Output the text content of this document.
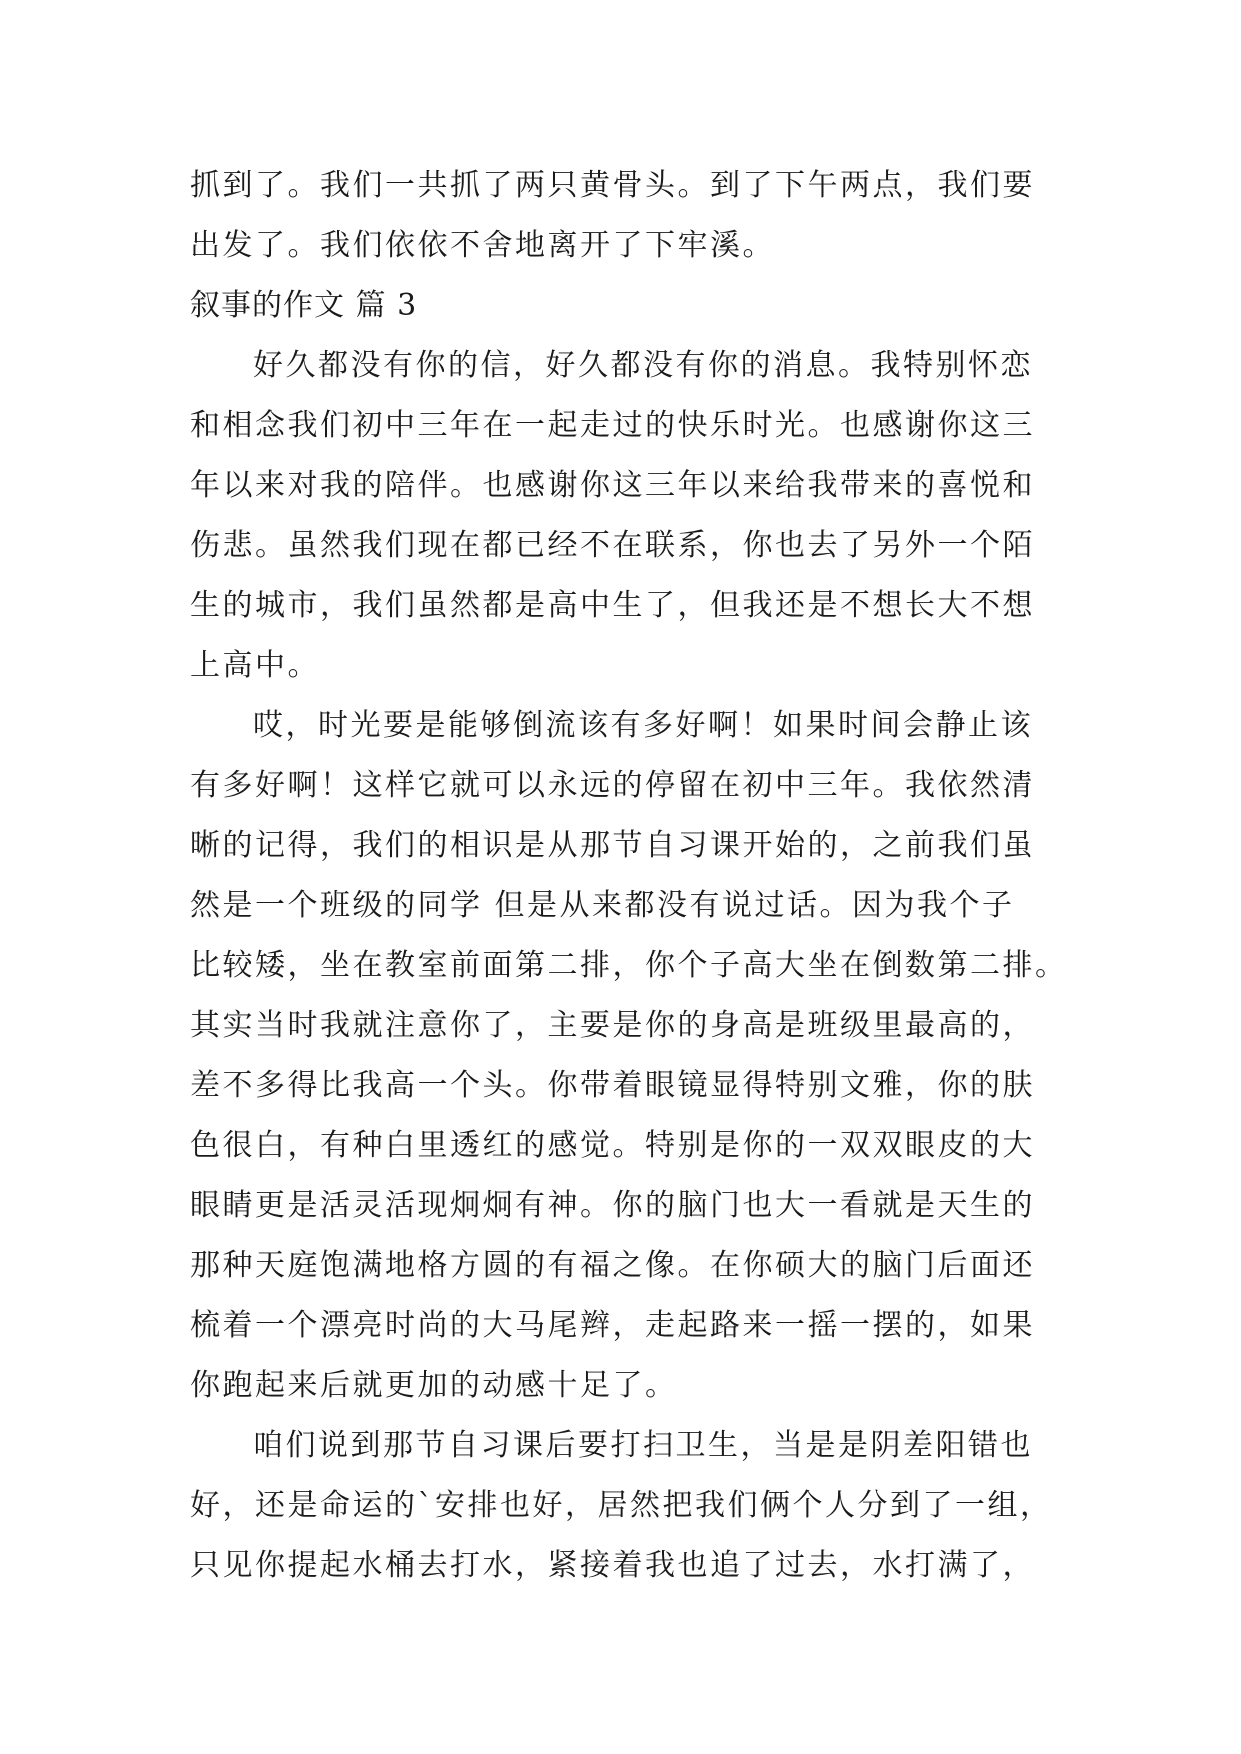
抓到了。我们一共抓了两只黄骨头。到了下午两点，我们要
出发了。我们依依不舍地离开了下牢溪。
叙事的作文 篇 3
好久都没有你的信，好久都没有你的消息。我特别怀恋
和相念我们初中三年在一起走过的快乐时光。也感谢你这三
年以来对我的陪伴。也感谢你这三年以来给我带来的喜悦和
伤悲。虽然我们现在都已经不在联系，你也去了另外一个陌
生的城市，我们虽然都是高中生了，但我还是不想长大不想
上高中。
哎，时光要是能够倒流该有多好啊！如果时间会静止该
有多好啊！这样它就可以永远的停留在初中三年。我依然清
晰的记得，我们的相识是从那节自习课开始的，之前我们虽
然是一个班级的同学 但是从来都没有说过话。因为我个子
比较矮，坐在教室前面第二排，你个子高大坐在倒数第二排。
其实当时我就注意你了，主要是你的身高是班级里最高的，
差不多得比我高一个头。你带着眼镜显得特别文雅，你的肤
色很白，有种白里透红的感觉。特别是你的一双双眼皮的大
眼睛更是活灵活现炯炯有神。你的脑门也大一看就是天生的
那种天庭饱满地格方圆的有福之像。在你硕大的脑门后面还
梳着一个漂亮时尚的大马尾辫，走起路来一摇一摆的，如果
你跑起来后就更加的动感十足了。
咱们说到那节自习课后要打扫卫生，当是是阴差阳错也
好，还是命运的`安排也好，居然把我们俩个人分到了一组，
只见你提起水桶去打水，紧接着我也追了过去，水打满了，
